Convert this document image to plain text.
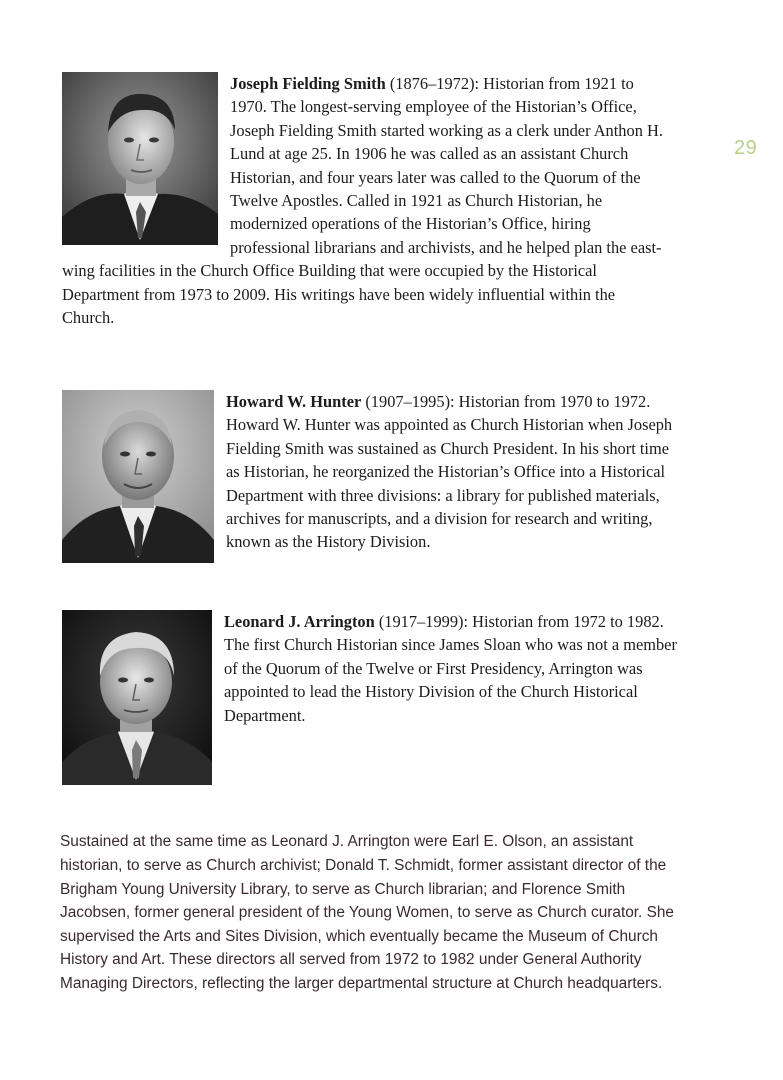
29
Joseph Fielding Smith (1876–1972): Historian from 1921 to 1970. The longest-serving employee of the Historian’s Office, Joseph Fielding Smith started working as a clerk under Anthon H. Lund at age 25. In 1906 he was called as an assistant Church Historian, and four years later was called to the Quorum of the Twelve Apostles. Called in 1921 as Church Historian, he modernized operations of the Historian’s Office, hiring professional librarians and archivists, and he helped plan the east-wing facilities in the Church Office Building that were occupied by the Historical Department from 1973 to 2009. His writings have been widely influential within the Church.
Howard W. Hunter (1907–1995): Historian from 1970 to 1972. Howard W. Hunter was appointed as Church Historian when Joseph Fielding Smith was sustained as Church President. In his short time as Historian, he reorganized the Historian’s Office into a Historical Department with three divisions: a library for published materials, archives for manuscripts, and a division for research and writing, known as the History Division.
Leonard J. Arrington (1917–1999): Historian from 1972 to 1982. The first Church Historian since James Sloan who was not a member of the Quorum of the Twelve or First Presidency, Arrington was appointed to lead the History Division of the Church Historical Department.

Sustained at the same time as Leonard J. Arrington were Earl E. Olson, an assistant historian, to serve as Church archivist; Donald T. Schmidt, former assistant director of the Brigham Young University Library, to serve as Church librarian; and Florence Smith Jacobsen, former general president of the Young Women, to serve as Church curator. She supervised the Arts and Sites Division, which eventually became the Museum of Church History and Art. These directors all served from 1972 to 1982 under General Authority Managing Directors, reflecting the larger departmental structure at Church headquarters.
